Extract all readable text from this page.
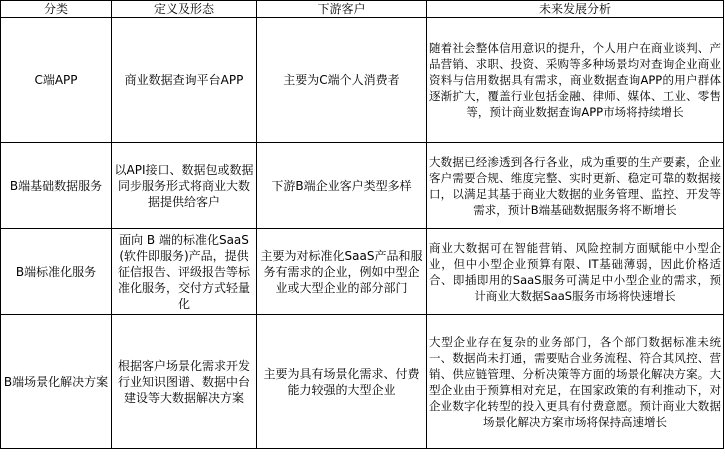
分类	定义及形态	下游客户	未来发展分析
C端APP	商业数据查询平台APP	主要为C端个人消费者	随着社会整体信用意识的提升，个人用户在商业谈判、产品营销、求职、投资、采购等多种场景均对查询企业商业资料与信用数据具有需求，商业数据查询APP的用户群体逐渐扩大，覆盖行业包括金融、律师、媒体、工业、零售等，预计商业数据查询APP市场将持续增长
B端基础数据服务	以API接口、数据包或数据同步服务形式将商业大数据提供给客户	下游B端企业客户类型多样	大数据已经渗透到各行各业，成为重要的生产要素，企业客户需要合规、维度完整、实时更新、稳定可靠的数据接口，以满足其基于商业大数据的业务管理、监控、开发等需求，预计B端基础数据服务将不断增长
B端标准化服务	面向 B 端的标准化SaaS(软件即服务)产品，提供征信报告、评级报告等标准化服务，交付方式轻量化	主要为对标准化SaaS产品和服务有需求的企业，例如中型企业或大型企业的部分部门	商业大数据可在智能营销、风险控制方面赋能中小型企业，但中小型企业预算有限、IT基础薄弱，因此价格适合、即插即用的SaaS服务可满足中小型企业的需求，预计商业大数据SaaS服务市场将快速增长
B端场景化解决方案	根据客户场景化需求开发行业知识图谱、数据中台建设等大数据解决方案	主要为具有场景化需求、付费能力较强的大型企业	大型企业存在复杂的业务部门，各个部门数据标准未统一、数据尚未打通，需要贴合业务流程、符合其风控、营销、供应链管理、分析决策等方面的场景化解决方案。大型企业由于预算相对充足，在国家政策的有利推动下，对企业数字化转型的投入更具有付费意愿。预计商业大数据场景化解决方案市场将保持高速增长
